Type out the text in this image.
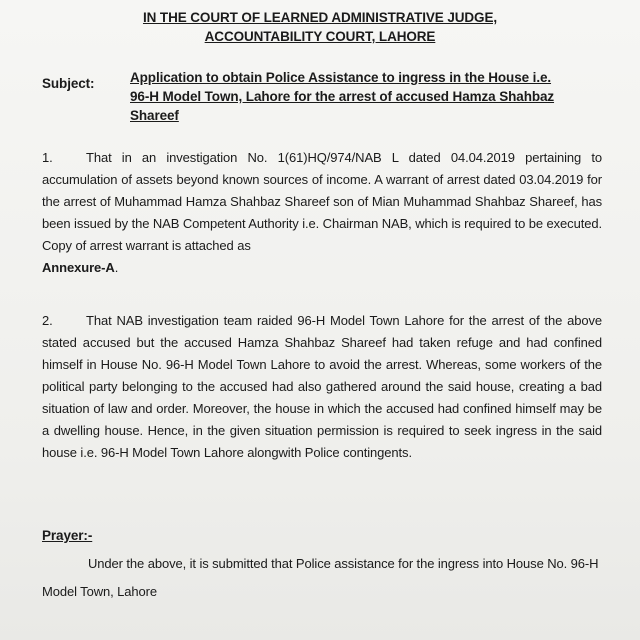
IN THE COURT OF LEARNED ADMINISTRATIVE JUDGE,
ACCOUNTABILITY COURT, LAHORE
Subject:	Application to obtain Police Assistance to ingress in the House i.e. 96-H Model Town, Lahore for the arrest of accused Hamza Shahbaz Shareef
1.	That in an investigation No. 1(61)HQ/974/NAB L dated 04.04.2019 pertaining to accumulation of assets beyond known sources of income. A warrant of arrest dated 03.04.2019 for the arrest of Muhammad Hamza Shahbaz Shareef son of Mian Muhammad Shahbaz Shareef, has been issued by the NAB Competent Authority i.e. Chairman NAB, which is required to be executed. Copy of arrest warrant is attached as
Annexure-A.
2.	That NAB investigation team raided 96-H Model Town Lahore for the arrest of the above stated accused but the accused Hamza Shahbaz Shareef had taken refuge and had confined himself in House No. 96-H Model Town Lahore to avoid the arrest. Whereas, some workers of the political party belonging to the accused had also gathered around the said house, creating a bad situation of law and order. Moreover, the house in which the accused had confined himself may be a dwelling house. Hence, in the given situation permission is required to seek ingress in the said house i.e. 96-H Model Town Lahore alongwith Police contingents.
Prayer:-
Under the above, it is submitted that Police assistance for the ingress into House No. 96-H Model Town, Lahore
